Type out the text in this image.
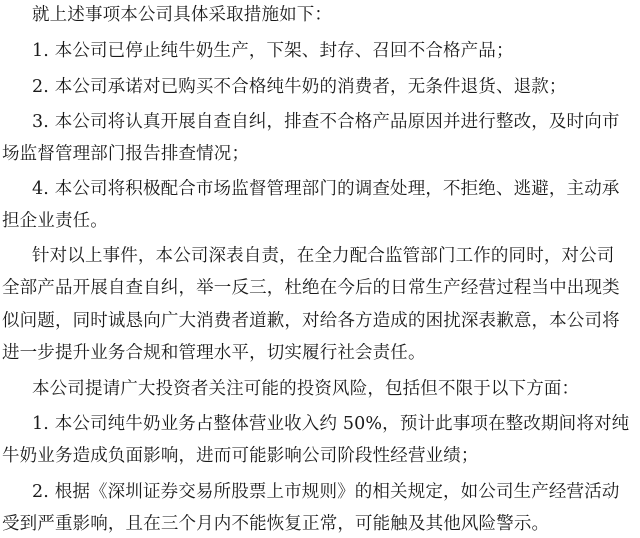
就上述事项本公司具体采取措施如下：
1. 本公司已停止纯牛奶生产，下架、封存、召回不合格产品；
2. 本公司承诺对已购买不合格纯牛奶的消费者，无条件退货、退款；
3. 本公司将认真开展自查自纠，排查不合格产品原因并进行整改，及时向市
场监督管理部门报告排查情况；
4. 本公司将积极配合市场监督管理部门的调查处理，不拒绝、逃避，主动承
担企业责任。
针对以上事件，本公司深表自责，在全力配合监管部门工作的同时，对公司
全部产品开展自查自纠，举一反三，杜绝在今后的日常生产经营过程当中出现类
似问题，同时诚恳向广大消费者道歉，对给各方造成的困扰深表歉意，本公司将
进一步提升业务合规和管理水平，切实履行社会责任。
本公司提请广大投资者关注可能的投资风险，包括但不限于以下方面：
1. 本公司纯牛奶业务占整体营业收入约 50%，预计此事项在整改期间将对纯
牛奶业务造成负面影响，进而可能影响公司阶段性经营业绩；
2. 根据《深圳证券交易所股票上市规则》的相关规定，如公司生产经营活动
受到严重影响，且在三个月内不能恢复正常，可能触及其他风险警示。
